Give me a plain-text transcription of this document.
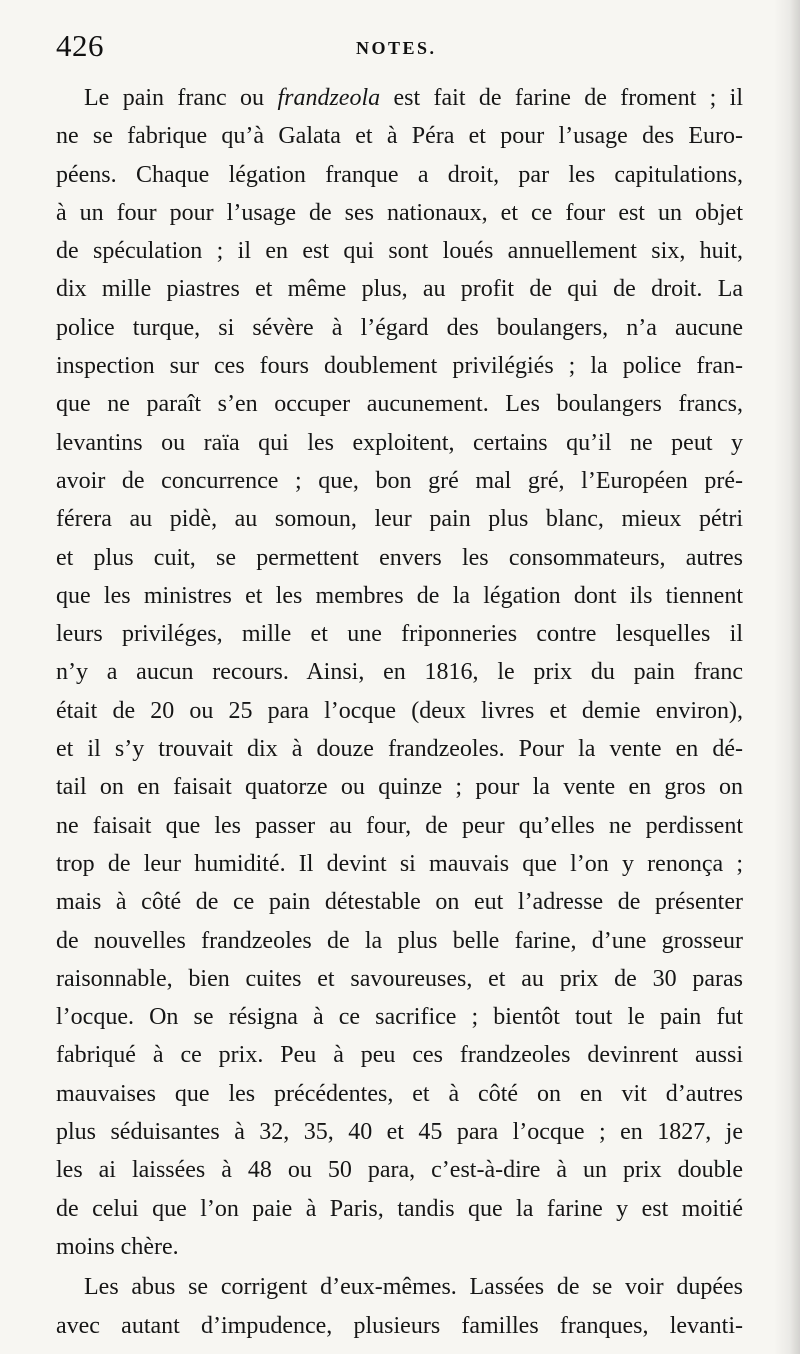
426	NOTES.
Le pain franc ou frandzeola est fait de farine de froment ; il
ne se fabrique qu’à Galata et à Péra et pour l’usage des Euro-
péens. Chaque légation franque a droit, par les capitulations,
à un four pour l’usage de ses nationaux, et ce four est un objet
de spéculation ; il en est qui sont loués annuellement six, huit,
dix mille piastres et même plus, au profit de qui de droit. La
police turque, si sévère à l’égard des boulangers, n’a aucune
inspection sur ces fours doublement privilégiés ; la police fran-
que ne paraît s’en occuper aucunement. Les boulangers francs,
levantins ou raïa qui les exploitent, certains qu’il ne peut y
avoir de concurrence ; que, bon gré mal gré, l’Européen pré-
férera au pidè, au somoun, leur pain plus blanc, mieux pétri
et plus cuit, se permettent envers les consommateurs, autres
que les ministres et les membres de la légation dont ils tiennent
leurs priviléges, mille et une friponneries contre lesquelles il
n’y a aucun recours. Ainsi, en 1816, le prix du pain franc
était de 20 ou 25 para l’ocque (deux livres et demie environ),
et il s’y trouvait dix à douze frandzeoles. Pour la vente en dé-
tail on en faisait quatorze ou quinze ; pour la vente en gros on
ne faisait que les passer au four, de peur qu’elles ne perdissent
trop de leur humidité. Il devint si mauvais que l’on y renonça ;
mais à côté de ce pain détestable on eut l’adresse de présenter
de nouvelles frandzeoles de la plus belle farine, d’une grosseur
raisonnable, bien cuites et savoureuses, et au prix de 30 paras
l’ocque. On se résigna à ce sacrifice ; bientôt tout le pain fut
fabriqué à ce prix. Peu à peu ces frandzeoles devinrent aussi
mauvaises que les précédentes, et à côté on en vit d’autres
plus séduisantes à 32, 35, 40 et 45 para l’ocque ; en 1827, je
les ai laissées à 48 ou 50 para, c’est-à-dire à un prix double
de celui que l’on paie à Paris, tandis que la farine y est moitié
moins chère.
Les abus se corrigent d’eux-mêmes. Lassées de se voir dupées
avec autant d’impudence, plusieurs familles franques, levanti-
